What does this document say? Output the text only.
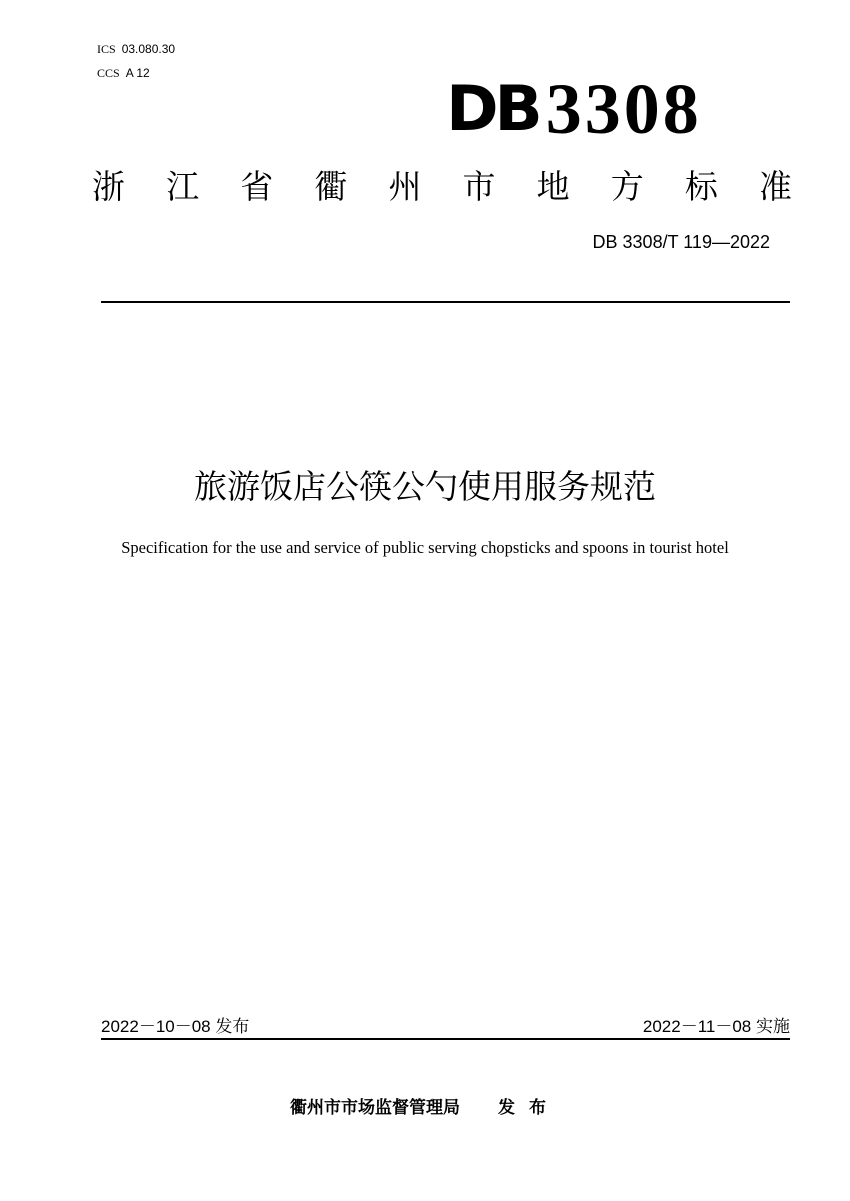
ICS 03.080.30
CCS A 12	DB 3308
浙 江 省 衢 州 市 地 方 标 准
DB 3308/T 119—2022
旅游饭店公筷公勺使用服务规范
Specification for the use and service of public serving chopsticks and spoons in tourist hotel
2022－10－08 发布	2022－11－08 实施
衢州市市场监督管理局 发布
